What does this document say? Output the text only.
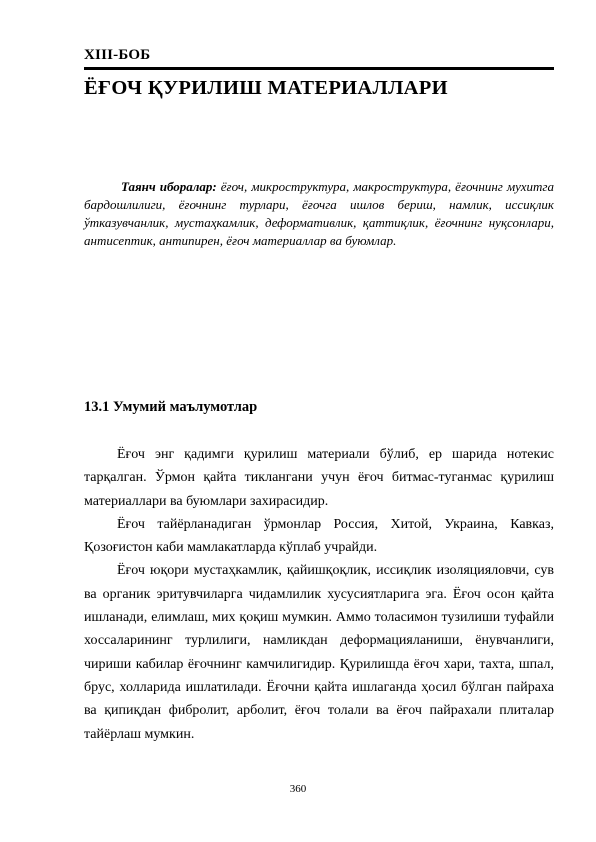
XIII-БОБ
ЁҒОЧ ҚУРИЛИШ МАТЕРИАЛЛАРИ
Таянч иборалар: ёғоч, микроструктура, макроструктура, ёғочнинг мухитга бардошлилиги, ёғочнинг турлари, ёғочга ишлов бериш, намлик, иссиқлик ўтказувчанлик, мустаҳкамлик, деформативлик, қаттиқлик, ёғочнинг нуқсонлари, антисептик, антипирен, ёғоч материаллар ва буюмлар.
13.1 Умумий маълумотлар

Ёғоч энг қадимги қурилиш материали бўлиб, ер шарида нотекис тарқалган. Ўрмон қайта тиклангани учун ёғоч битмас-туганмас қурилиш материаллари ва буюмлари захирасидир.

Ёғоч тайёрланадиган ўрмонлар Россия, Хитой, Украина, Кавказ, Қозоғистон каби мамлакатларда кўплаб учрайди.

Ёғоч юқори мустаҳкамлик, қайишқоқлик, иссиқлик изоляцияловчи, сув ва органик эритувчиларга чидамлилик хусусиятларига эга. Ёғоч осон қайта ишланади, елимлаш, мих қоқиш мумкин. Аммо толасимон тузилиши туфайли хоссаларининг турлилиги, намликдан деформацияланиши, ёнувчанлиги, чириши кабилар ёғочнинг камчилигидир. Қурилишда ёғоч хари, тахта, шпал, брус, холларида ишлатилади. Ёғочни қайта ишлаганда ҳосил бўлган пайраха ва қипиқдан фибролит, арболит, ёғоч толали ва ёғоч пайрахали плиталар тайёрлаш мумкин.

360
